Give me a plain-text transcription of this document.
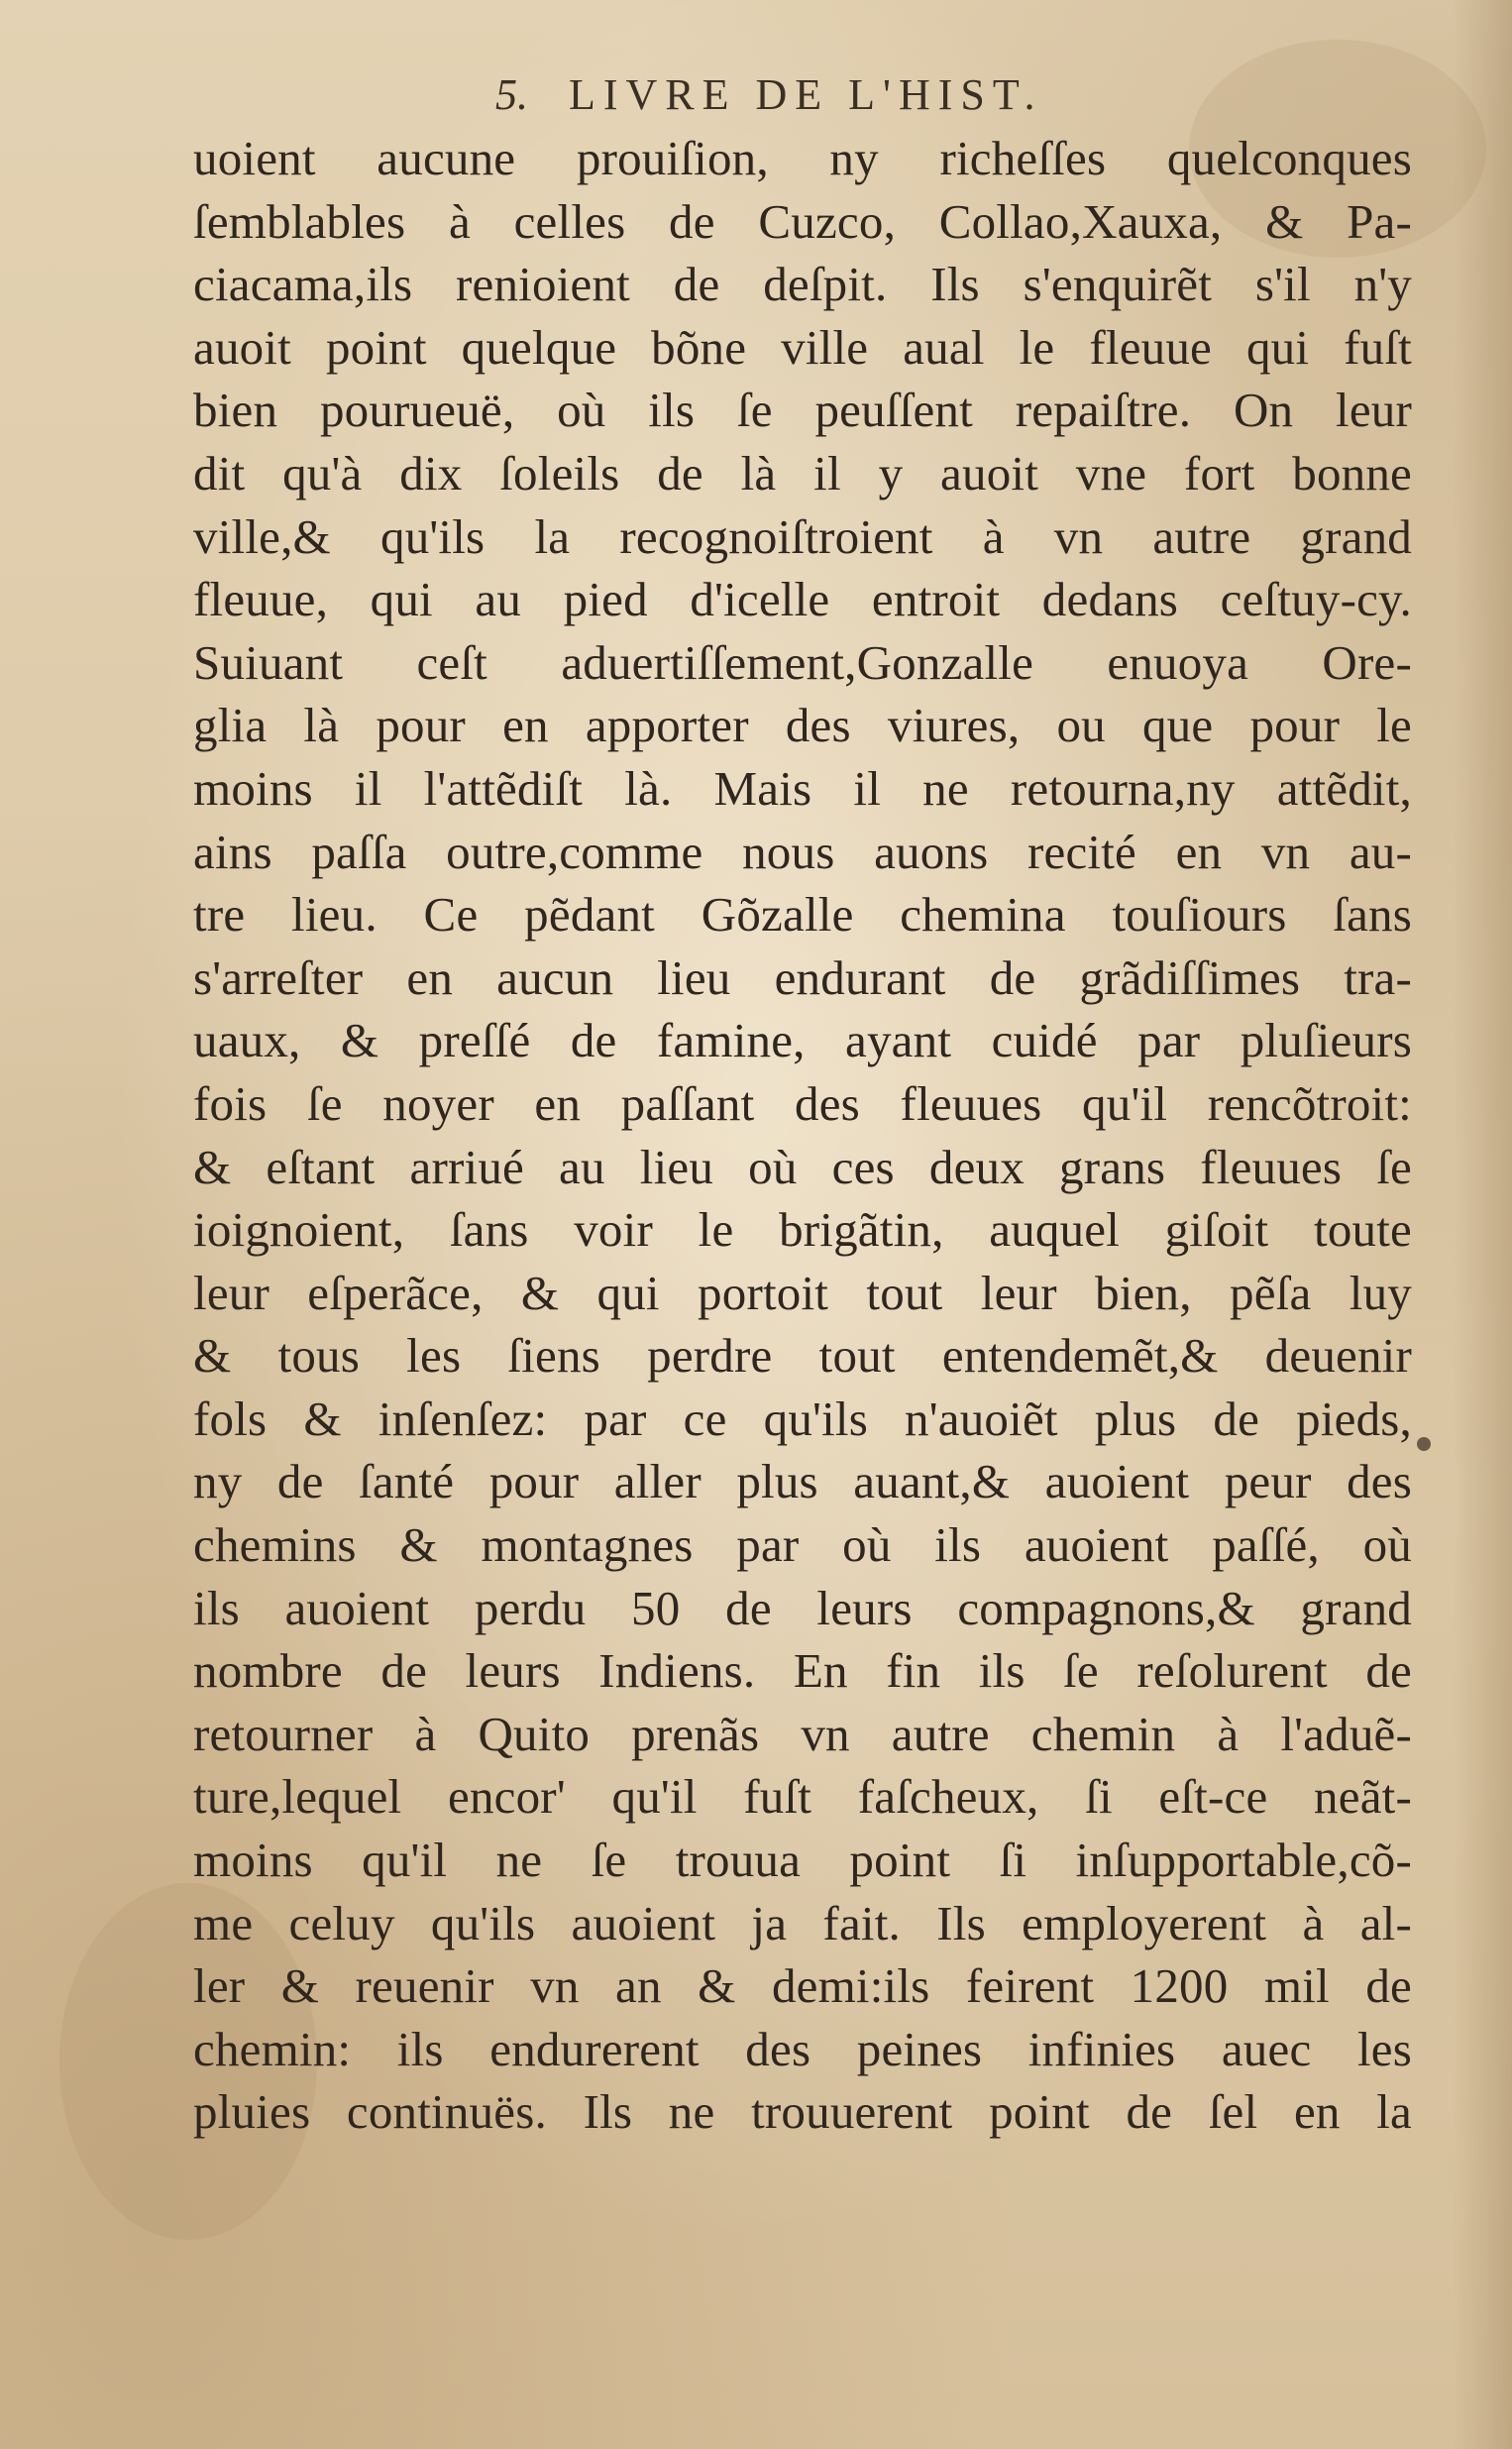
5. LIVRE DE L'HIST.
uoient aucune prouiſion, ny richeſſes quelconques
ſemblables à celles de Cuzco, Collao,Xauxa, & Pa-
ciacama,ils renioient de deſpit. Ils s'enquirẽt s'il n'y
auoit point quelque bõne ville aual le fleuue qui fuſt
bien pourueuë, où ils ſe peuſſent repaiſtre. On leur
dit qu'à dix ſoleils de là il y auoit vne fort bonne
ville,& qu'ils la recognoiſtroient à vn autre grand
fleuue, qui au pied d'icelle entroit dedans ceſtuy-cy.
Suiuant ceſt aduertiſſement,Gonzalle enuoya Ore-
glia là pour en apporter des viures, ou que pour le
moins il l'attẽdiſt là. Mais il ne retourna,ny attẽdit,
ains paſſa outre,comme nous auons recité en vn au-
tre lieu. Ce pẽdant Gõzalle chemina touſiours ſans
s'arreſter en aucun lieu endurant de grãdiſſimes tra-
uaux, & preſſé de famine, ayant cuidé par pluſieurs
fois ſe noyer en paſſant des fleuues qu'il rencõtroit:
& eſtant arriué au lieu où ces deux grans fleuues ſe
ioignoient, ſans voir le brigãtin, auquel giſoit toute
leur eſperãce, & qui portoit tout leur bien, pẽſa luy
& tous les ſiens perdre tout entendemẽt,& deuenir
fols & inſenſez: par ce qu'ils n'auoiẽt plus de pieds,
ny de ſanté pour aller plus auant,& auoient peur des
chemins & montagnes par où ils auoient paſſé, où
ils auoient perdu 50 de leurs compagnons,& grand
nombre de leurs Indiens. En fin ils ſe reſolurent de
retourner à Quito prenãs vn autre chemin à l'aduẽ-
ture,lequel encor' qu'il fuſt faſcheux, ſi eſt-ce neãt-
moins qu'il ne ſe trouua point ſi inſupportable,cõ-
me celuy qu'ils auoient ja fait. Ils employerent à al-
ler & reuenir vn an & demi:ils feirent 1200 mil de
chemin: ils endurerent des peines infinies auec les
pluies continuës. Ils ne trouuerent point de ſel en la
